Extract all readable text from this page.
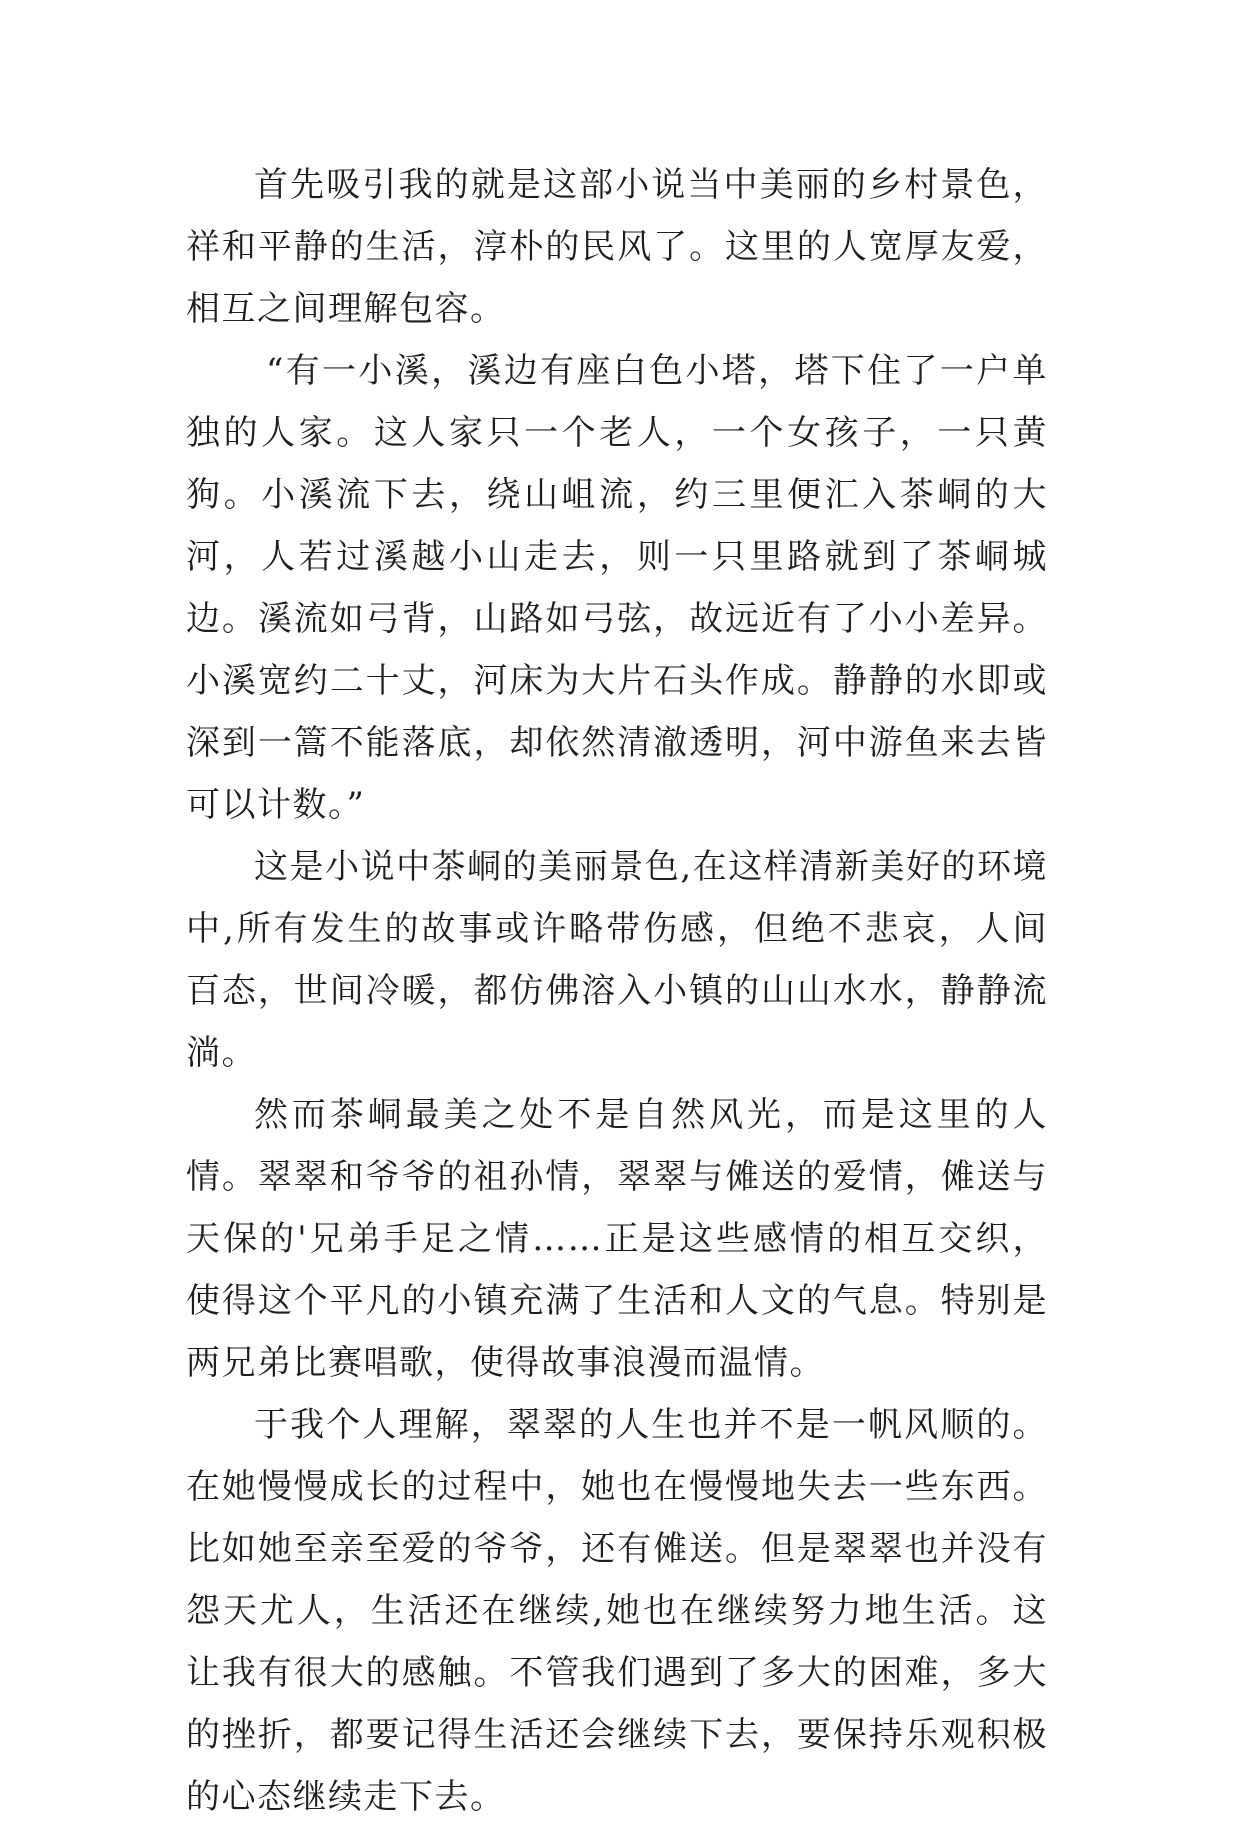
首先吸引我的就是这部小说当中美丽的乡村景色，祥和平静的生活，淳朴的民风了。这里的人宽厚友爱，相互之间理解包容。

“有一小溪，溪边有座白色小塔，塔下住了一户单独的人家。这人家只一个老人，一个女孩子，一只黄狗。小溪流下去，绕山岨流，约三里便汇入茶峒的大河，人若过溪越小山走去，则一只里路就到了茶峒城边。溪流如弓背，山路如弓弦，故远近有了小小差异。小溪宽约二十丈，河床为大片石头作成。静静的水即或深到一篙不能落底，却依然清澈透明，河中游鱼来去皆可以计数。”

这是小说中茶峒的美丽景色,在这样清新美好的环境中,所有发生的故事或许略带伤感，但绝不悲哀，人间百态，世间冷暖，都仿佛溶入小镇的山山水水，静静流淌。

然而茶峒最美之处不是自然风光，而是这里的人情。翠翠和爷爷的祖孙情，翠翠与傩送的爱情，傩送与天保的'兄弟手足之情……正是这些感情的相互交织，使得这个平凡的小镇充满了生活和人文的气息。特别是两兄弟比赛唱歌，使得故事浪漫而温情。

于我个人理解，翠翠的人生也并不是一帆风顺的。在她慢慢成长的过程中，她也在慢慢地失去一些东西。比如她至亲至爱的爷爷，还有傩送。但是翠翠也并没有怨天尤人，生活还在继续,她也在继续努力地生活。这让我有很大的感触。不管我们遇到了多大的困难，多大的挫折，都要记得生活还会继续下去，要保持乐观积极的心态继续走下去。
